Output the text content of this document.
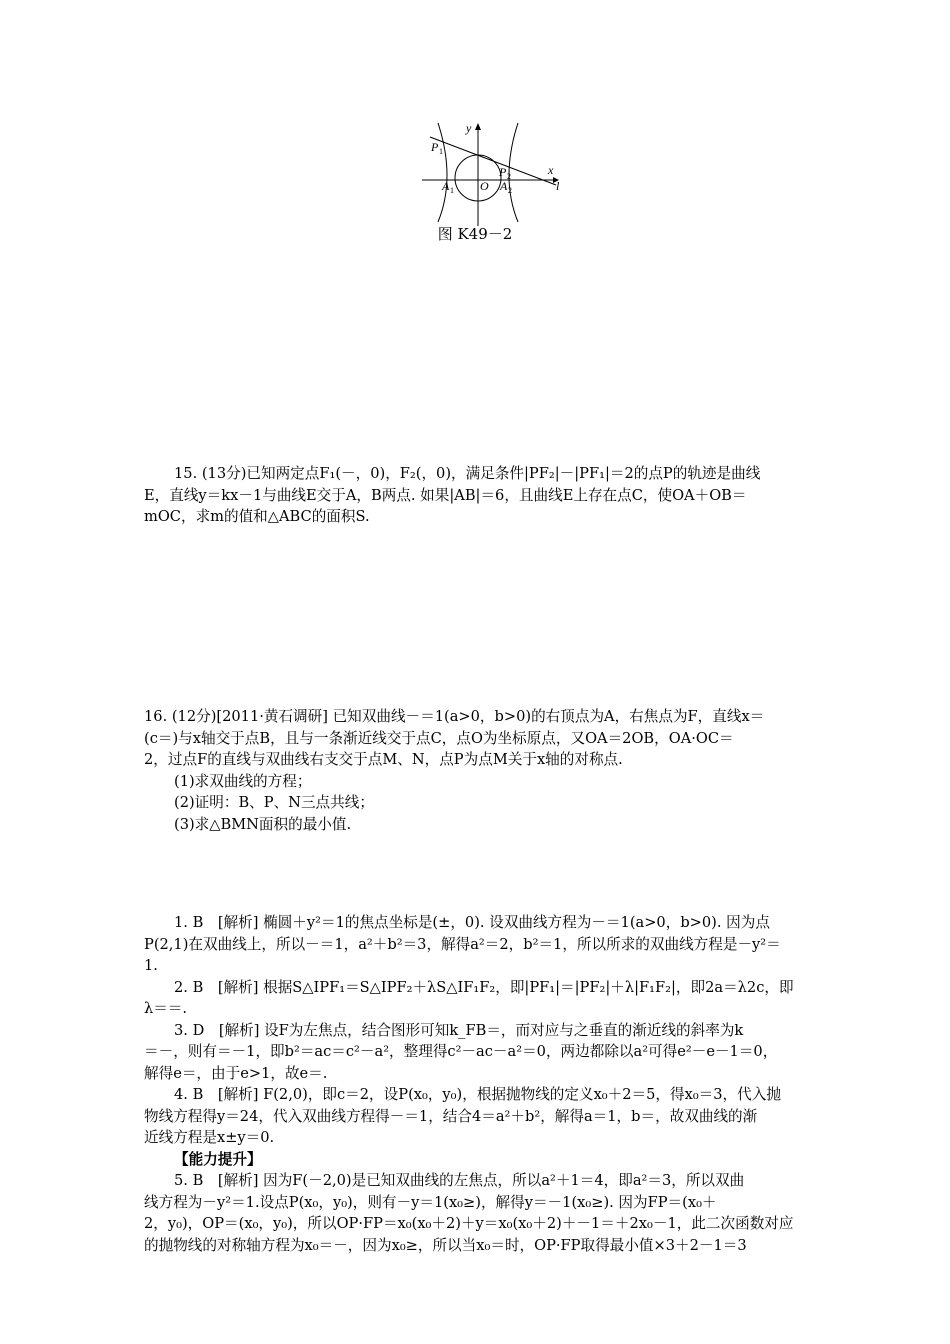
y
x
P 1
P 2
A 1 O A 2	l
图 K49－2

15. (13分)已知两定点F₁(－，0)，F₂(，0)，满足条件|PF₂|－|PF₁|＝2的点P的轨迹是曲线

E，直线y＝kx－1与曲线E交于A，B两点. 如果|AB|＝6，且曲线E上存在点C，使OA＋OB＝

mOC，求m的值和△ABC的面积S.

16. (12分)[2011·黄石调研] 已知双曲线－＝1(a>0，b>0)的右顶点为A，右焦点为F，直线x＝

(c＝)与x轴交于点B，且与一条渐近线交于点C，点O为坐标原点，又OA＝2OB，OA·OC＝

2，过点F的直线与双曲线右支交于点M、N，点P为点M关于x轴的对称点.

(1)求双曲线的方程；

(2)证明：B、P、N三点共线；

(3)求△BMN面积的最小值.

1. B　[解析] 椭圆＋y²＝1的焦点坐标是(±，0). 设双曲线方程为－＝1(a>0，b>0). 因为点

P(2,1)在双曲线上，所以－＝1，a²＋b²＝3，解得a²＝2，b²＝1，所以所求的双曲线方程是－y²＝

1.

2. B　[解析] 根据S△IPF₁＝S△IPF₂＋λS△IF₁F₂，即|PF₁|＝|PF₂|＋λ|F₁F₂|，即2a＝λ2c，即

λ＝＝.

3. D　[解析] 设F为左焦点，结合图形可知k_FB＝，而对应与之垂直的渐近线的斜率为k

＝－，则有＝－1，即b²＝ac＝c²－a²，整理得c²－ac－a²＝0，两边都除以a²可得e²－e－1＝0，

解得e＝，由于e>1，故e＝.

4. B　[解析] F(2,0)，即c＝2，设P(x₀，y₀)，根据抛物线的定义x₀＋2＝5，得x₀＝3，代入抛

物线方程得y＝24，代入双曲线方程得－＝1，结合4＝a²＋b²，解得a＝1，b＝，故双曲线的渐

近线方程是x±y＝0.

【能力提升】

5. B　[解析] 因为F(－2,0)是已知双曲线的左焦点，所以a²＋1＝4，即a²＝3，所以双曲

线方程为－y²＝1.设点P(x₀，y₀)，则有－y＝1(x₀≥)，解得y＝－1(x₀≥). 因为FP＝(x₀＋

2，y₀)，OP＝(x₀，y₀)，所以OP·FP＝x₀(x₀＋2)＋y＝x₀(x₀＋2)＋－1＝＋2x₀－1，此二次函数对应

的抛物线的对称轴方程为x₀＝－，因为x₀≥，所以当x₀＝时，OP·FP取得最小值×3＋2－1＝3
